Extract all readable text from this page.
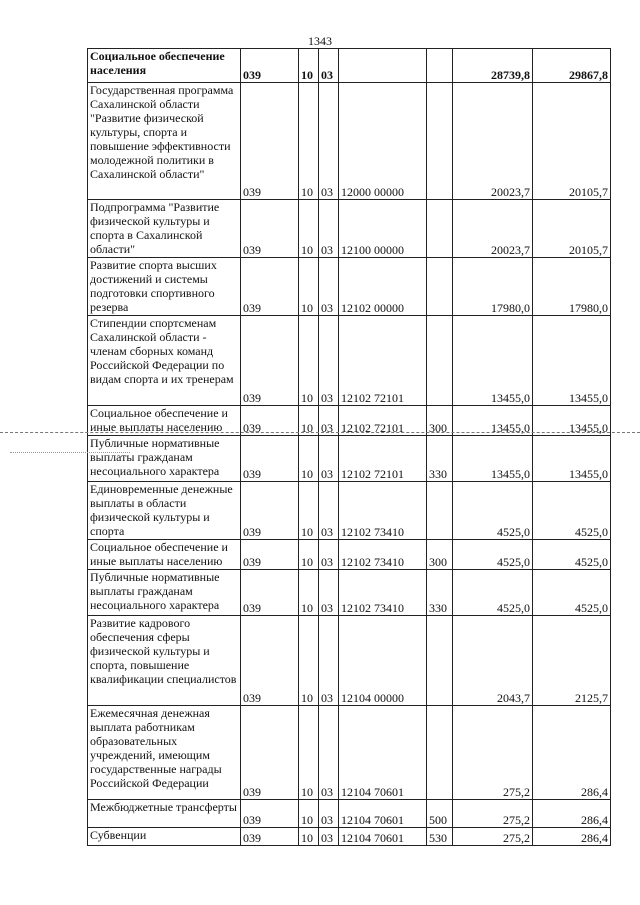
1343
Социальное обеспечение населения	039	10	03			28739,8	29867,8
Государственная программа Сахалинской области "Развитие физической культуры, спорта и повышение эффективности молодежной политики в Сахалинской области"	039	10	03	12000 00000		20023,7	20105,7
Подпрограмма "Развитие физической культуры и спорта в Сахалинской области"	039	10	03	12100 00000		20023,7	20105,7
Развитие спорта высших достижений и системы подготовки спортивного резерва	039	10	03	12102 00000		17980,0	17980,0
Стипендии спортсменам Сахалинской области - членам сборных команд Российской Федерации по видам спорта и их тренерам	039	10	03	12102 72101		13455,0	13455,0
Социальное обеспечение и иные выплаты населению	039	10	03	12102 72101	300	13455,0	13455,0
Публичные нормативные выплаты гражданам несоциального характера	039	10	03	12102 72101	330	13455,0	13455,0
Единовременные денежные выплаты в области физической культуры и спорта	039	10	03	12102 73410		4525,0	4525,0
Социальное обеспечение и иные выплаты населению	039	10	03	12102 73410	300	4525,0	4525,0
Публичные нормативные выплаты гражданам несоциального характера	039	10	03	12102 73410	330	4525,0	4525,0
Развитие кадрового обеспечения сферы физической культуры и спорта, повышение квалификации специалистов	039	10	03	12104 00000		2043,7	2125,7
Ежемесячная денежная выплата работникам образовательных учреждений, имеющим государственные награды Российской Федерации	039	10	03	12104 70601		275,2	286,4
Межбюджетные трансферты	039	10	03	12104 70601	500	275,2	286,4
Субвенции	039	10	03	12104 70601	530	275,2	286,4
